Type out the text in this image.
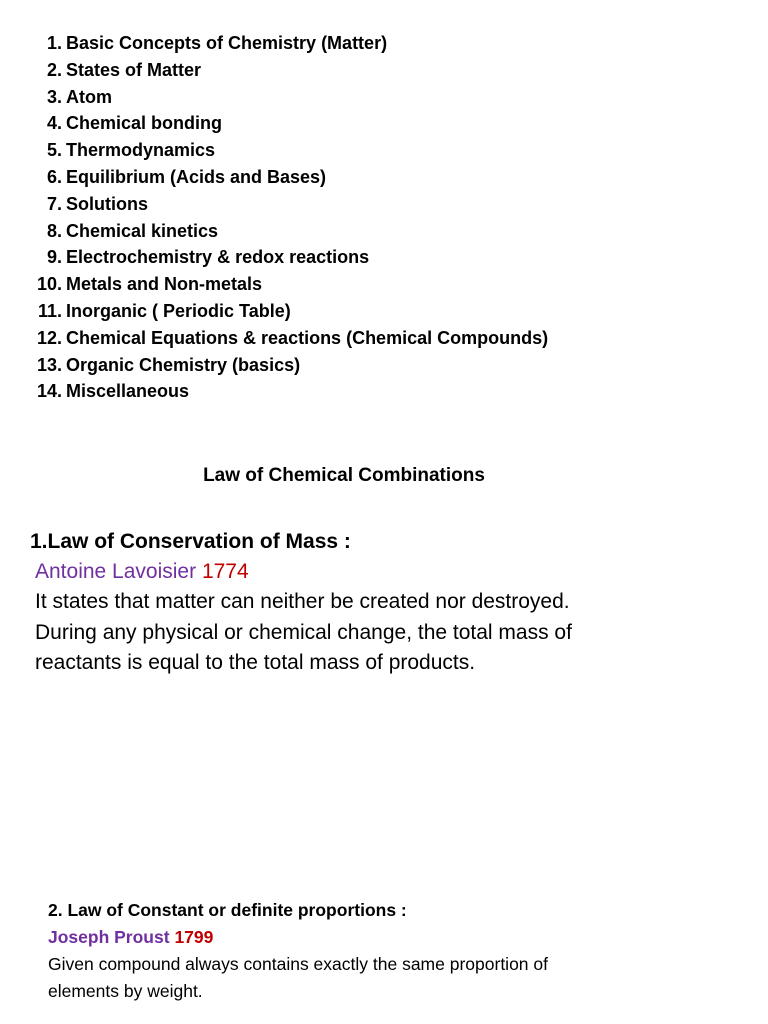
1. Basic Concepts of Chemistry (Matter)
2. States of Matter
3. Atom
4. Chemical bonding
5. Thermodynamics
6. Equilibrium (Acids and Bases)
7. Solutions
8. Chemical kinetics
9. Electrochemistry & redox reactions
10. Metals and Non-metals
11. Inorganic ( Periodic Table)
12. Chemical Equations & reactions (Chemical Compounds)
13. Organic Chemistry (basics)
14. Miscellaneous
Law of Chemical Combinations

1.Law of Conservation of Mass :

Antoine Lavoisier 1774

It states that matter can neither be created nor destroyed.
During any physical or chemical change, the total mass of
reactants is equal to the total mass of products.

2. Law of Constant or definite proportions :

Joseph Proust 1799

Given compound always contains exactly the same proportion of
elements by weight.
